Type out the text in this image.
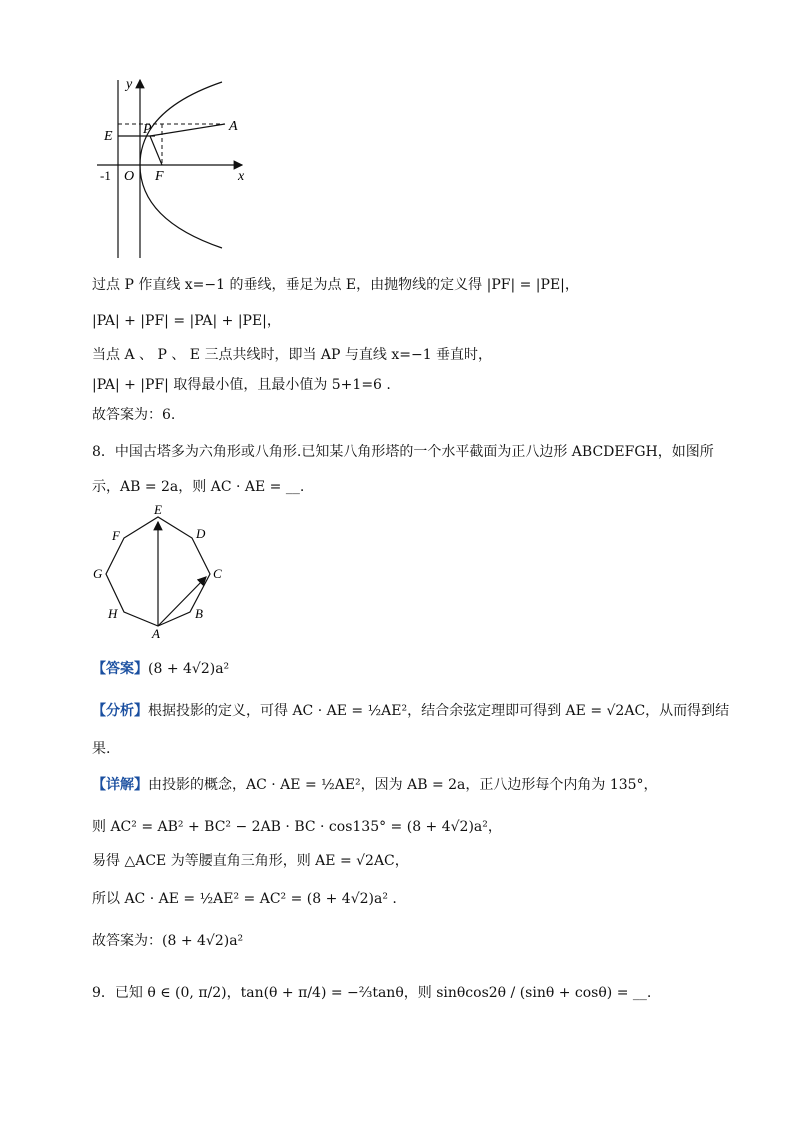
y
x
E P	A
-1 O F
过点 P 作直线 x=−1 的垂线，垂足为点 E，由抛物线的定义得 |PF| = |PE|，
|PA| + |PF| = |PA| + |PE|，
当点 A 、 P 、 E 三点共线时，即当 AP 与直线 x=−1 垂直时，
|PA| + |PF| 取得最小值，且最小值为 5+1=6 .
故答案为：6.
8．中国古塔多为六角形或八角形.已知某八角形塔的一个水平截面为正八边形 ABCDEFGH，如图所
示，AB = 2a，则 AC · AE = __.
A
B
C
D
E
F
G
H
【答案】(8 + 4√2)a²
【分析】根据投影的定义，可得 AC · AE = ½AE²，结合余弦定理即可得到 AE = √2AC，从而得到结
果.
【详解】由投影的概念，AC · AE = ½AE²，因为 AB = 2a，正八边形每个内角为 135°，
则 AC² = AB² + BC² − 2AB · BC · cos135° = (8 + 4√2)a²，
易得 △ACE 为等腰直角三角形，则 AE = √2AC，
所以 AC · AE = ½AE² = AC² = (8 + 4√2)a² .
故答案为：(8 + 4√2)a²
9．已知 θ ∈ (0, π/2)，tan(θ + π/4) = −⅔tanθ，则 sinθcos2θ / (sinθ + cosθ) = __.
